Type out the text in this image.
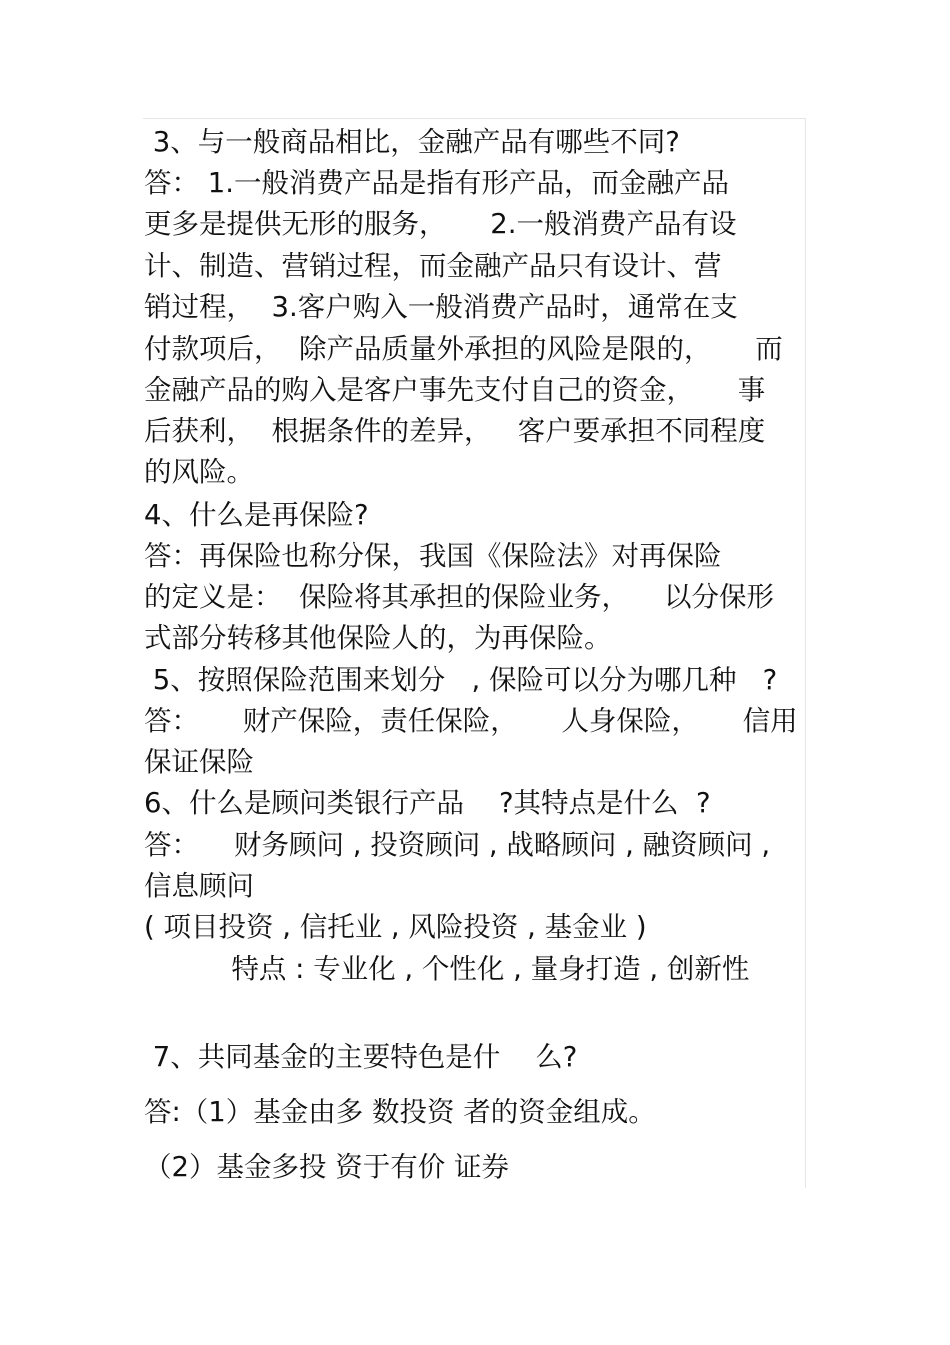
3、与一般商品相比，金融产品有哪些不同?
答： 1.一般消费产品是指有形产品，而金融产品
更多是提供无形的服务，     2.一般消费产品有设
计、制造、营销过程，而金融产品只有设计、营
销过程，  3.客户购入一般消费产品时，通常在支
付款项后，  除产品质量外承担的风险是限的，     而
金融产品的购入是客户事先支付自己的资金，     事
后获利，  根据条件的差异，   客户要承担不同程度
的风险。
4、什么是再保险?
答：再保险也称分保，我国《保险法》对再保险
的定义是：  保险将其承担的保险业务，    以分保形
式部分转移其他保险人的，为再保险。
5、按照保险范围来划分   , 保险可以分为哪几种   ?
答：     财产保险，责任保险，     人身保险，     信用
保证保险
6、什么是顾问类银行产品    ?其特点是什么  ?
答：    财务顾问 , 投资顾问 , 战略顾问 , 融资顾问 ,
信息顾问
( 项目投资 , 信托业 , 风险投资 , 基金业 )
特点 : 专业化 , 个性化 , 量身打造 , 创新性
7、共同基金的主要特色是什    么?
答:（1）基金由多 数投资 者的资金组成。
（2）基金多投 资于有价 证券
